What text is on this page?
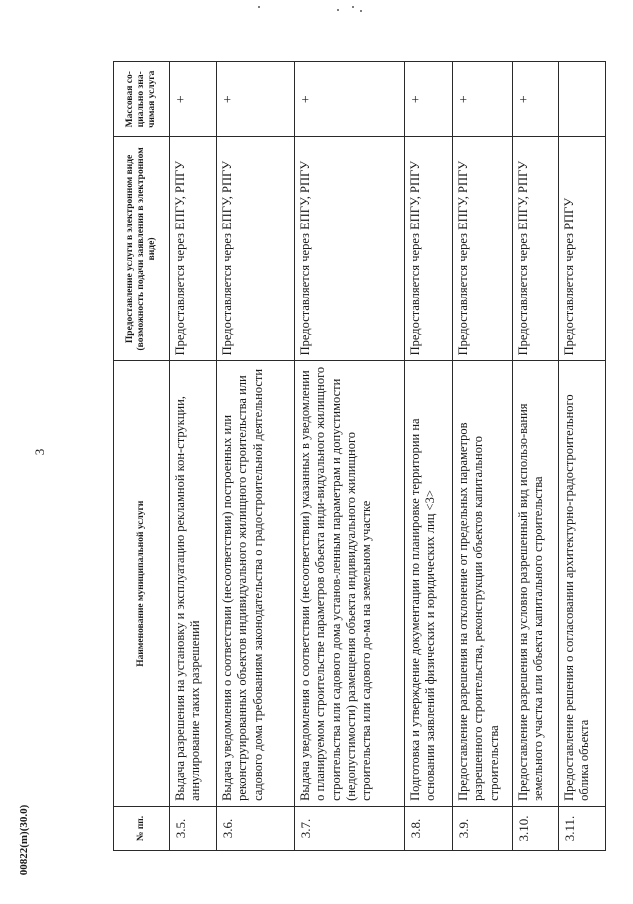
3
№ пп.	Наименование муниципальной услуги	Предоставление услуги в электронном виде (возможность подачи заявления в электронном виде)	Массовая со-циально зна-чимая услуга
3.5.	Выдача разрешения на установку и эксплуатацию рекламной кон-струкции, аннулирование таких разрешений	Предоставляется через ЕПГУ, РПГУ	+
3.6.	Выдача уведомления о соответствии (несоответствии) построенных или реконструированных объектов индивидуального жилищного строительства или садового дома требованиям законодательства о градостроительной деятельности	Предоставляется через ЕПГУ, РПГУ	+
3.7.	Выдача уведомления о соответствии (несоответствии) указанных в уведомлении о планируемом строительстве параметров объекта инди-видуального жилищного строительства или садового дома установ-ленным параметрам и допустимости (недопустимости) размещения объекта индивидуального жилищного строительства или садового до-ма на земельном участке	Предоставляется через ЕПГУ, РПГУ	+
3.8.	Подготовка и утверждение документации по планировке территории на основании заявлений физических и юридических лиц <3>	Предоставляется через ЕПГУ, РПГУ	+
3.9.	Предоставление разрешения на отклонение от предельных параметров разрешенного строительства, реконструкции объектов капитального строительства	Предоставляется через ЕПГУ, РПГУ	+
3.10.	Предоставление разрешения на условно разрешенный вид использо-вания земельного участка или объекта капитального строительства	Предоставляется через ЕПГУ, РПГУ	+
3.11.	Предоставление решения о согласовании архитектурно-градостроительного облика объекта	Предоставляется через РПГУ	
00822(m)(30.0)
